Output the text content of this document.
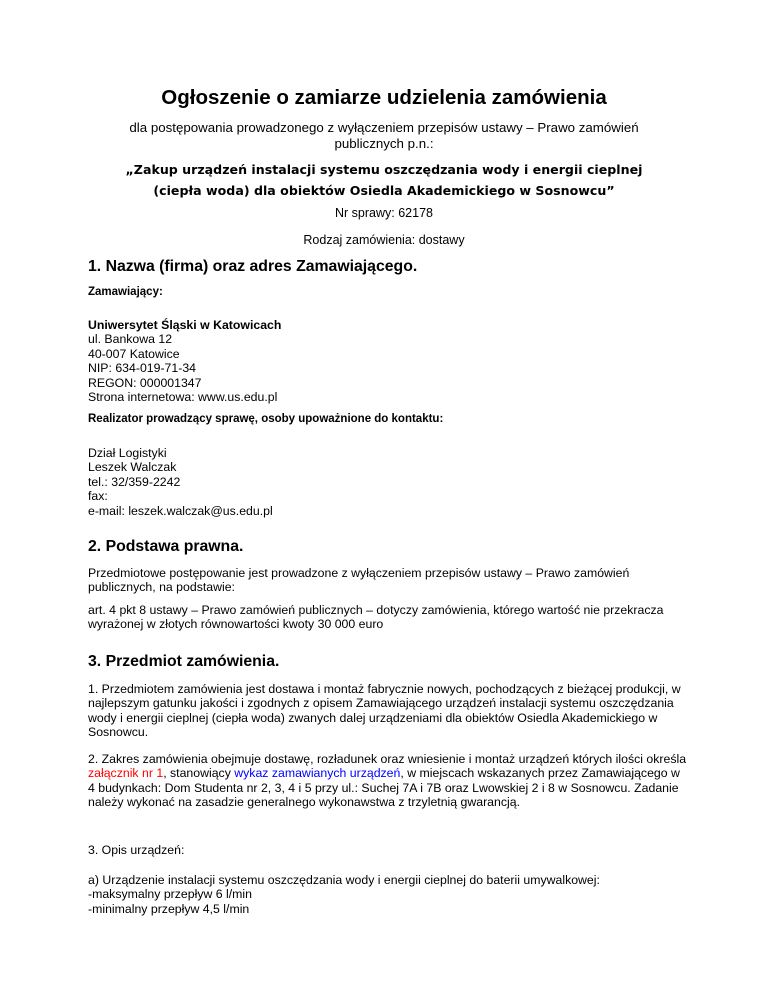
Ogłoszenie o zamiarze udzielenia zamówienia

dla postępowania prowadzonego z wyłączeniem przepisów ustawy – Prawo zamówień publicznych p.n.:

„Zakup urządzeń instalacji systemu oszczędzania wody i energii cieplnej
(ciepła woda) dla obiektów Osiedla Akademickiego w Sosnowcu”

Nr sprawy: 62178

Rodzaj zamówienia: dostawy

1. Nazwa (firma) oraz adres Zamawiającego.

Zamawiający:

Uniwersytet Śląski w Katowicach
ul. Bankowa 12
40-007 Katowice
NIP: 634-019-71-34
REGON: 000001347
Strona internetowa: www.us.edu.pl

Realizator prowadzący sprawę, osoby upoważnione do kontaktu:

Dział Logistyki
Leszek Walczak
tel.: 32/359-2242
fax:
e-mail: leszek.walczak@us.edu.pl
2. Podstawa prawna.

Przedmiotowe postępowanie jest prowadzone z wyłączeniem przepisów ustawy – Prawo zamówień publicznych, na podstawie:

art. 4 pkt 8 ustawy – Prawo zamówień publicznych – dotyczy zamówienia, którego wartość nie przekracza wyrażonej w złotych równowartości kwoty 30 000 euro

3. Przedmiot zamówienia.

1. Przedmiotem zamówienia jest dostawa i montaż fabrycznie nowych, pochodzących z bieżącej produkcji, w najlepszym gatunku jakości i zgodnych z opisem Zamawiającego urządzeń instalacji systemu oszczędzania wody i energii cieplnej (ciepła woda) zwanych dalej urządzeniami dla obiektów Osiedla Akademickiego w Sosnowcu.

2. Zakres zamówienia obejmuje dostawę, rozładunek oraz wniesienie i montaż urządzeń których ilości określa załącznik nr 1, stanowiący wykaz zamawianych urządzeń, w miejscach wskazanych przez Zamawiającego w 4 budynkach: Dom Studenta nr 2, 3, 4 i 5 przy ul.: Suchej 7A i 7B oraz Lwowskiej 2 i 8 w Sosnowcu. Zadanie należy wykonać na zasadzie generalnego wykonawstwa z trzyletnią gwarancją.

3. Opis urządzeń:

a) Urządzenie instalacji systemu oszczędzania wody i energii cieplnej do baterii umywalkowej:
-maksymalny przepływ 6 l/min
-minimalny przepływ 4,5 l/min
